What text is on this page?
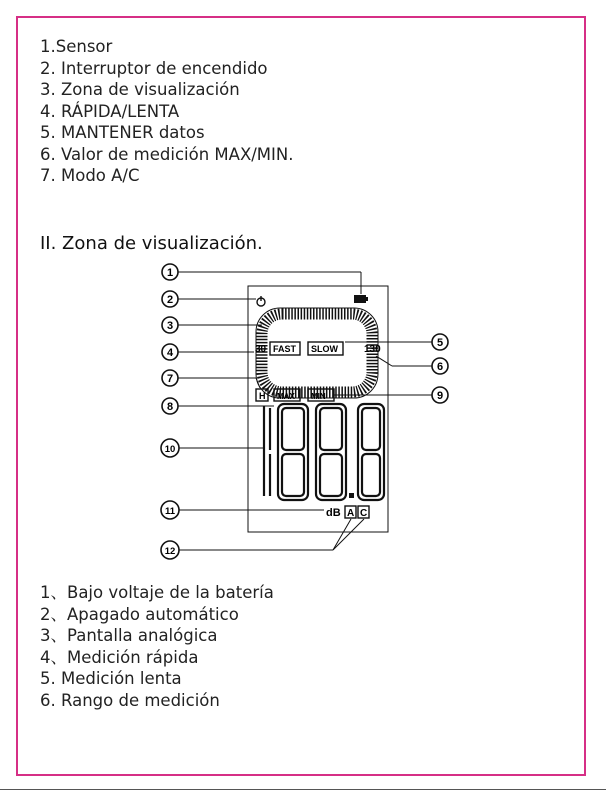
1.Sensor
2. Interruptor de encendido
3. Zona de visualización
4. RÁPIDA/LENTA
5. MANTENER datos
6. Valor de medición MAX/MIN.
7. Modo A/C
II. Zona de visualización.
30	130
FAST SLOW
H MAX MIN
dB A C
1
2
3
4
5
6
7
8
9
10
11
12
1、Bajo voltaje de la batería
2、Apagado automático
3、Pantalla analógica
4、Medición rápida
5. Medición lenta
6. Rango de medición
